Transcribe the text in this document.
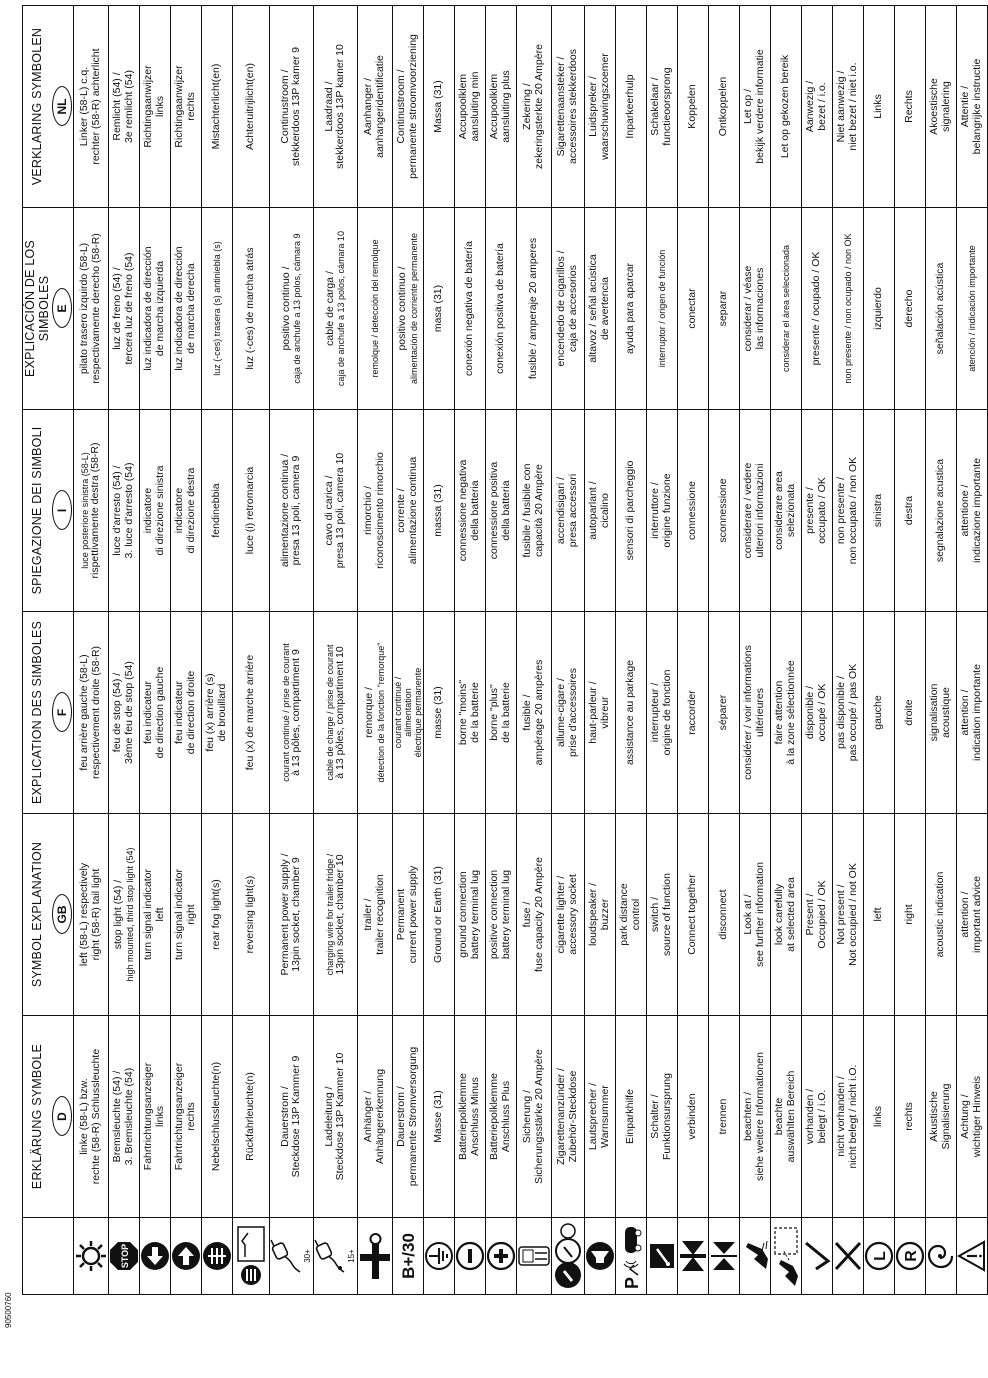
	ERKLÄRUNG SYMBOLE	SYMBOL EXPLANATION	EXPLICATION DES SIMBOLES	SPIEGAZIONE DEI SIMBOLI	EXPLICACIÓN DE LOS SIMBOLES	VERKLARING SYMBOLEN
	D	GB	F	I	E	NL

linke (58-L) bzw. rechte (58-R) Schlussleuchte	left (58-L) respectively right (58-R) tail light	feu arrière gauche (58-L) respectivement droite (58-R)	luce posteriore sinistra (58-L) rispettivamente destra (58-R)	pilato trasero izquirdo (58-L) respectivamente derecho (58-R)	Linker (58-L) c.q. rechter (58-R) achterlicht

STOP	Bremsleuchte (54) / 3. Bremsleuchte (54)	stop light (54) / high mounted, third stop light (54)	feu de stop (54) / 3ème feu de stop (54)	luce d'arresto (54) / 3. luce d'arresto (54)	luz de freno (54) / tercera luz de freno (54)	Remlicht (54) / 3e remlicht (54)

Fahrtrichtungsanzeiger links	turn signal indicator left	feu indicateur de direction gauche	indicatore di direzione sinistra	luz indicadora de dirección de marcha izquierda	Richtingaanwijzer links

Fahrtrichtungsanzeiger rechts	turn signal indicator right	feu indicateur de direction droite	indicatore di direzione destra	luz indicadora de dirección de marcha derecha	Richtingaanwijzer rechts

Nebelschlussleuchte(n)	rear fog light(s)	feu (x) arrière (s) de brouillard	fendinebbia	luz (-ces) trasera (s) antiniebla (s)	Mistachterlicht(en)

Rückfahrleuchte(n)	reversing light(s)	feu (x) de marche arrière	luce (i) retromarcia	luz (-ces) de marcha atrás	Achteruitrijlicht(en)

30+	Dauerstrom / Steckdose 13P Kammer 9	Permanent power supply / 13pin socket, chamber 9	courant continué / prise de courant à 13 pôles, compartiment 9	alimentazione continua / presa 13 poli, camera 9	positivo continuo / caja de anchufe a 13 polos, cámara 9	Continustroom / stekkerdoos 13P kamer 9

15+	Ladeleitung / Steckdose 13P Kammer 10	charging wire for trailer fridge / 13pin socket, chamber 10	cable de charge / prise de courant à 13 pôles, compartiment 10	cavo di carica / presa 13 poli, camera 10	cable de carga / caja de anchufe a 13 polos, cámara 10	Laadraad / stekkerdoos 13P kamer 10

Anhänger / Anhängererkennung	trailer / trailer recognition	remorque / détection de la fonction "remorque"	rimorchio / riconoscimento rimorchio	remolque / detección del remolque	Aanhanger / aanhangeridentificatie

B+/30	Dauerstrom / permanente Stromversorgung	Permanent current power supply	courant continué / alimentation électrique permanente	corrente / alimentazione continua	positivo continuo / alimentación de corriente permanente	Continustroom / permanente stroomvoorziening

Masse (31)	Ground or Earth (31)	masse (31)	massa (31)	masa (31)	Massa (31)

Batteriepolklemme Anschluss Minus	ground connection battery terminal lug	borne "moins" de la batterie	connessione negativa della batteria	conexión negativa de batería	Accupoolklem aansluiting min

Batteriepolklemme Anschluss Plus	positive connection battery terminal lug	borne "plus" de la batterie	connessione positiva della batteria	conexión positiva de batería	Accupoolklem aansluiting plus

Sicherung / Sicherungsstärke 20 Ampère	fuse / fuse capacity 20 Ampère	fusible / ampérage 20 ampères	fusibile / fusibile con capacità 20 Ampère	fusible / amperaje 20 amperes	Zekering / zekeringsterkte 20 Ampère

Zigarettenanzünder / Zubehör-Steckdose	cigarette lighter / accessory socket	allume-cigare / prise d'accessoires	accendisigari / presa accessori	encendedo de cigarillos / caja de accesorios	Sigarettenaansteker / accessoires stekkerdoos

Lautsprecher / Warnsummer	loudspeaker / buzzer	haut-parleur / vibreur	autoparlant / cicalino	altavoz / señal acústica de avertencia	Luidspreker / waarschuwingszoemer

P	Einparkhilfe	park distance control	assistance au parkage	sensori di parcheggio	ayuda para aparcar	Inparkeerhulp

Schalter / Funktionsursprung	switch / source of function	interrupteur / origine de fonction	interruttore / origine funzione	interruptor / origen de función	Schakelaar / functieoorsprong

verbinden	Connect together	raccorder	connessione	conectar	Koppelen

trennen	disconnect	séparer	sconnessione	separar	Ontkoppelen

beachten / siehe weitere Informationen	Look at / see further information	considérer / voir informations ultérieures	considerare / vedere ulteriori informazioni	considerar / véase las informaciones	Let op / bekijk verdere informatie

beachte auswählten Bereich	look carefully at selected area	faire attention à la zone sélectionnée	considerare area selezionata	considerar el área seleccionada	Let op gekozen bereik

vorhanden / belegt / i.O.	Present / Occupied / OK	disponible / occupé / OK	presente / occupato / OK	presente / ocupado / OK	Aanwezig / bezet / i.o.

nicht vorhanden / nicht belegt / nicht i.O.	Not present / Not occupied / not OK	pas disponible / pas occupé / pas OK	non presente / non occupato / non OK	non presente / non ocupado / non OK	Niet aanwezig / niet bezet / niet i.o.

L	links	left	gauche	sinistra	izquierdo	Links

R	rechts	right	droite	destra	derecho	Rechts

Akustische Signalisierung	acoustic indication	signalisation acoustique	segnalazione acustica	señalación acústica	Akoestische signalering

Achtung / wichtiger Hinweis	attention / important advice	attention / indication importante	attentione / indicazione importante	atención / indicación importante	Attentie / belangrijke instructie
90500760
